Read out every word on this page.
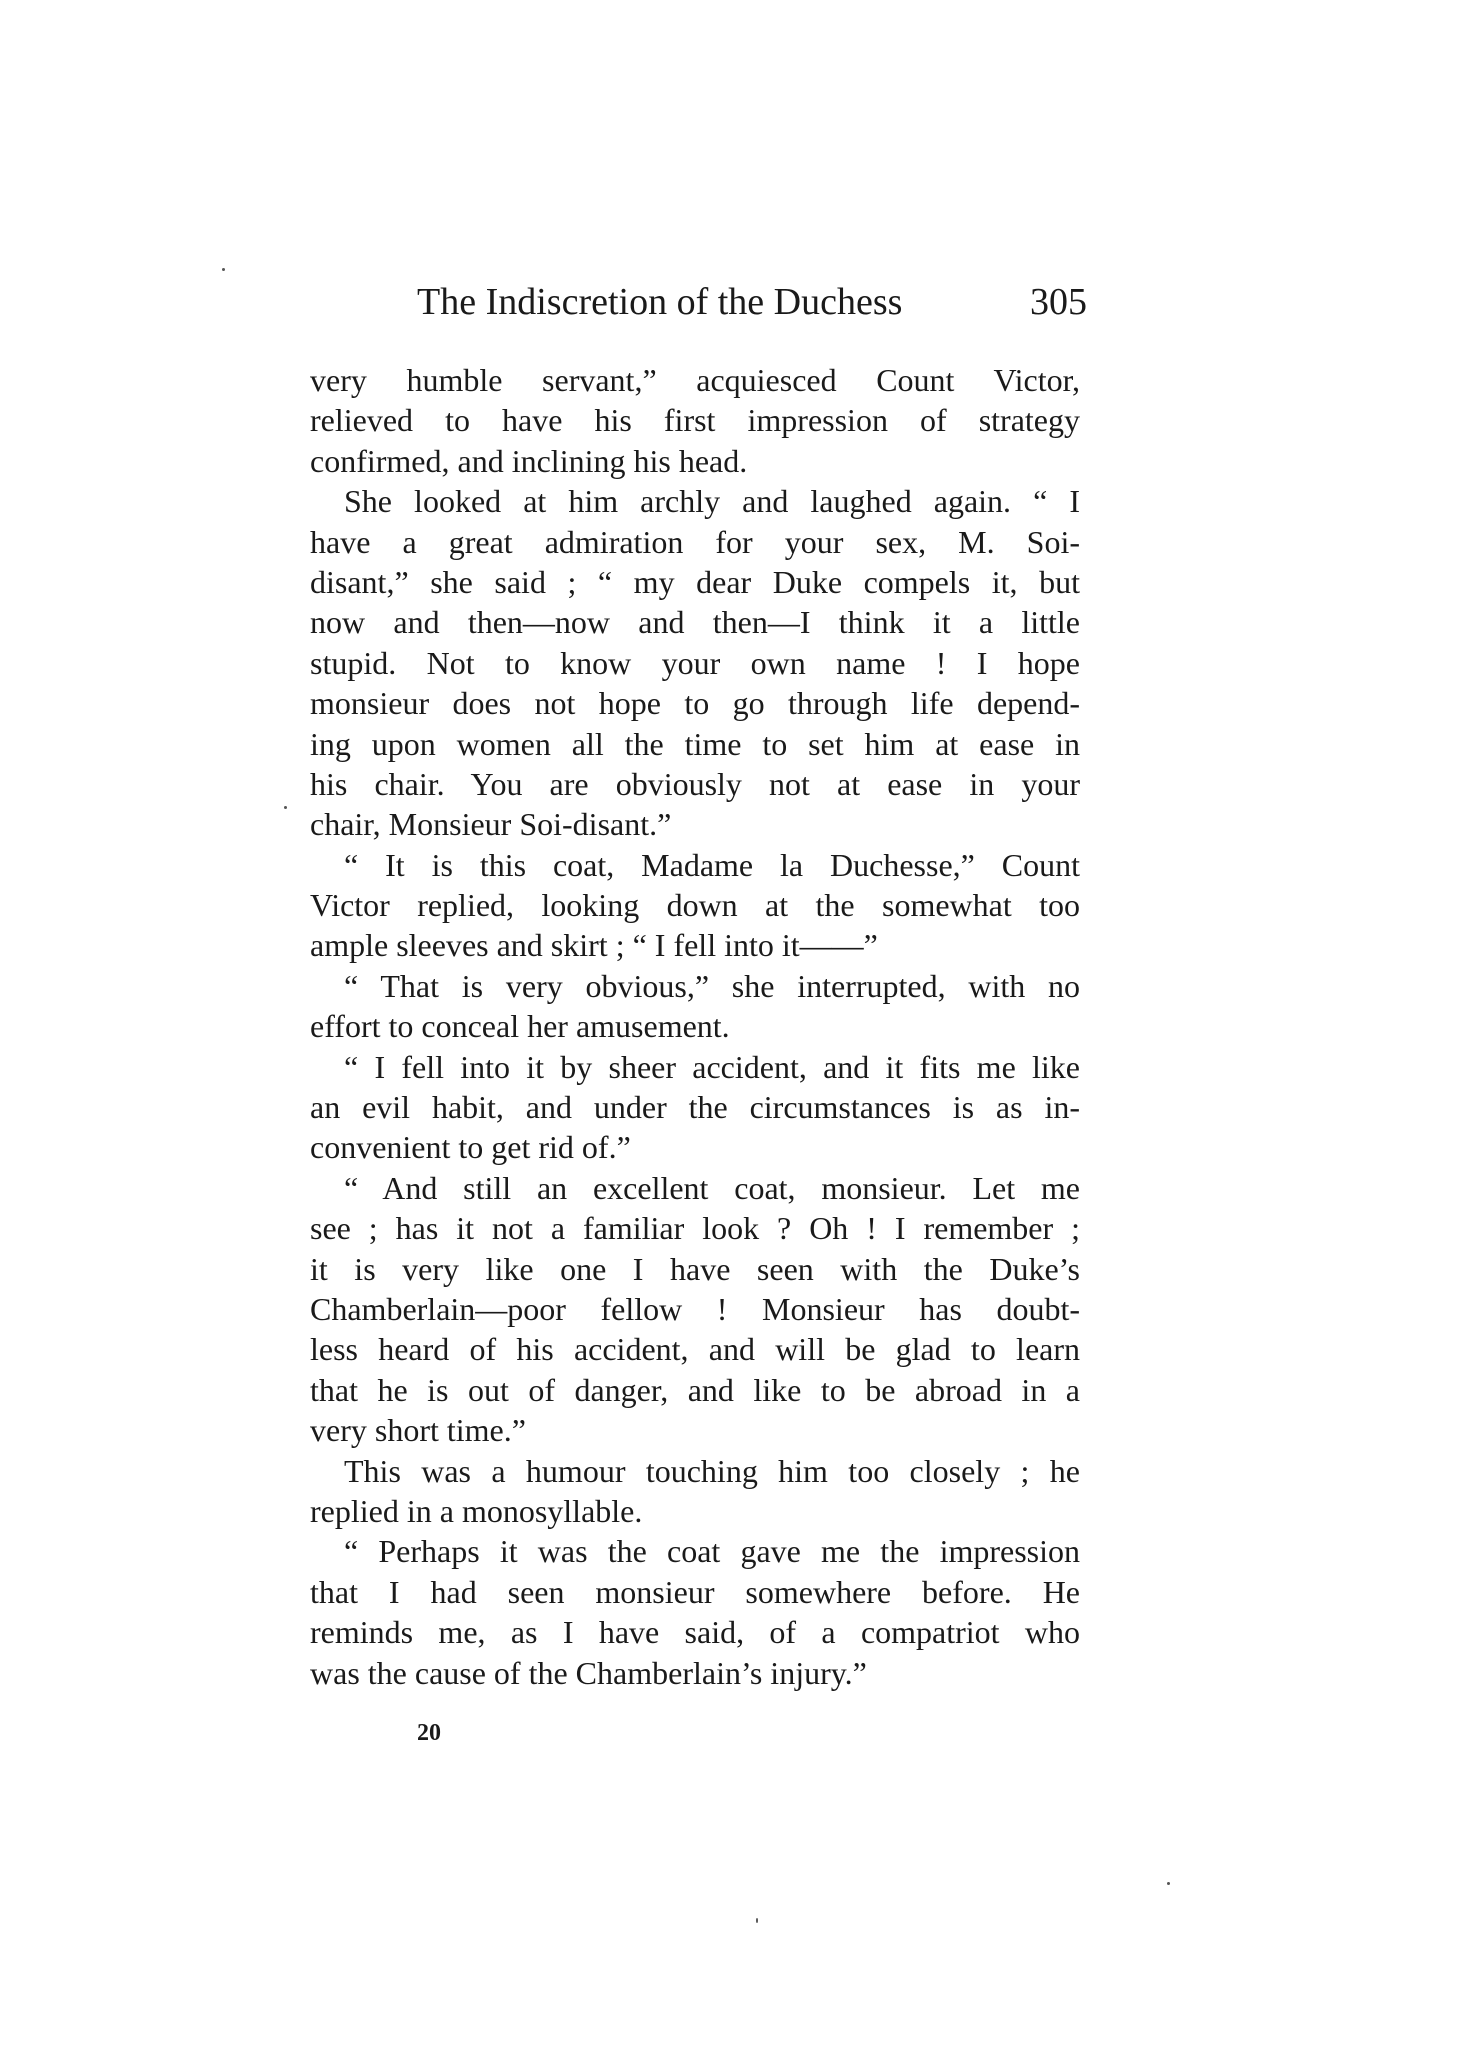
The Indiscretion of the Duchess	305
very humble servant,” acquiesced Count Victor,
relieved to have his first impression of strategy
confirmed, and inclining his head.
She looked at him archly and laughed again. “ I
have a great admiration for your sex, M. Soi-
disant,” she said ; “ my dear Duke compels it, but
now and then—now and then—I think it a little
stupid. Not to know your own name ! I hope
monsieur does not hope to go through life depend-
ing upon women all the time to set him at ease in
his chair. You are obviously not at ease in your
chair, Monsieur Soi-disant.”
“ It is this coat, Madame la Duchesse,” Count
Victor replied, looking down at the somewhat too
ample sleeves and skirt ; “ I fell into it——”
“ That is very obvious,” she interrupted, with no
effort to conceal her amusement.
“ I fell into it by sheer accident, and it fits me like
an evil habit, and under the circumstances is as in-
convenient to get rid of.”
“ And still an excellent coat, monsieur. Let me
see ; has it not a familiar look ? Oh ! I remember ;
it is very like one I have seen with the Duke’s
Chamberlain—poor fellow ! Monsieur has doubt-
less heard of his accident, and will be glad to learn
that he is out of danger, and like to be abroad in a
very short time.”
This was a humour touching him too closely ; he
replied in a monosyllable.
“ Perhaps it was the coat gave me the impression
that I had seen monsieur somewhere before. He
reminds me, as I have said, of a compatriot who
was the cause of the Chamberlain’s injury.”
20
